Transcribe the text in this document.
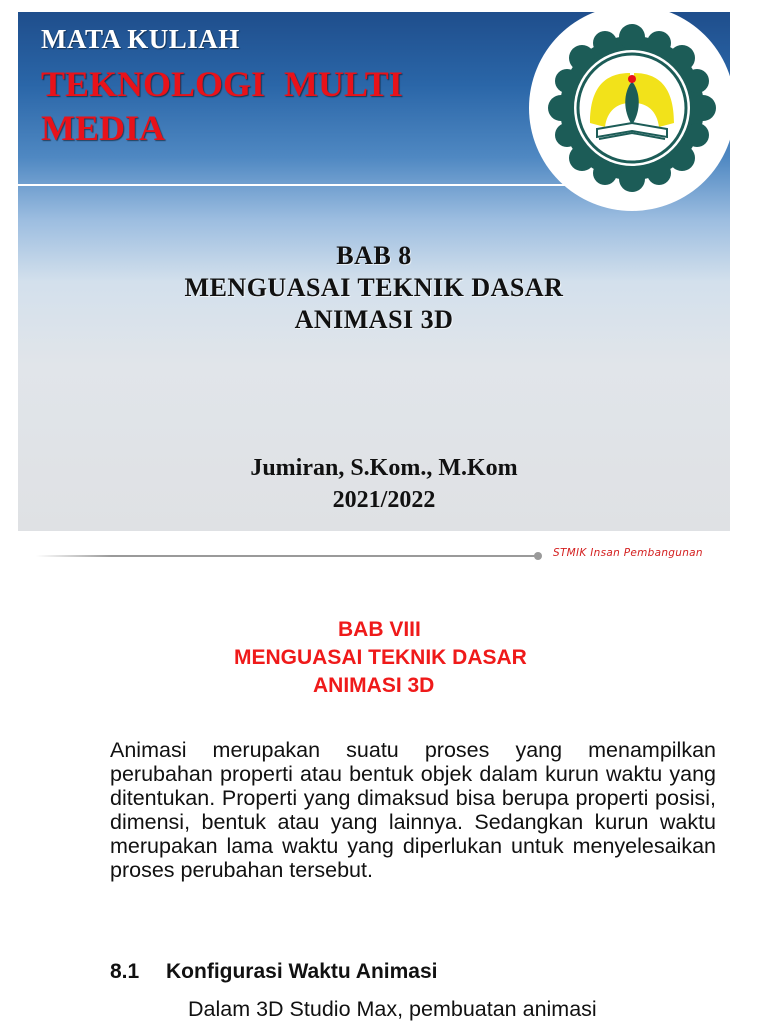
MATA KULIAH
TEKNOLOGI MULTI MEDIA
BAB 8
MENGUASAI TEKNIK DASAR
ANIMASI 3D
Jumiran, S.Kom., M.Kom
2021/2022
STMIK Insan Pembangunan
BAB VIII
MENGUASAI TEKNIK DASAR
ANIMASI 3D
Animasi merupakan suatu proses yang menampilkan perubahan properti atau bentuk objek dalam kurun waktu yang ditentukan. Properti yang dimaksud bisa berupa properti posisi, dimensi, bentuk atau yang lainnya. Sedangkan kurun waktu merupakan lama waktu yang diperlukan untuk menyelesaikan proses perubahan tersebut.
8.1 Konfigurasi Waktu Animasi
Dalam 3D Studio Max, pembuatan animasi
